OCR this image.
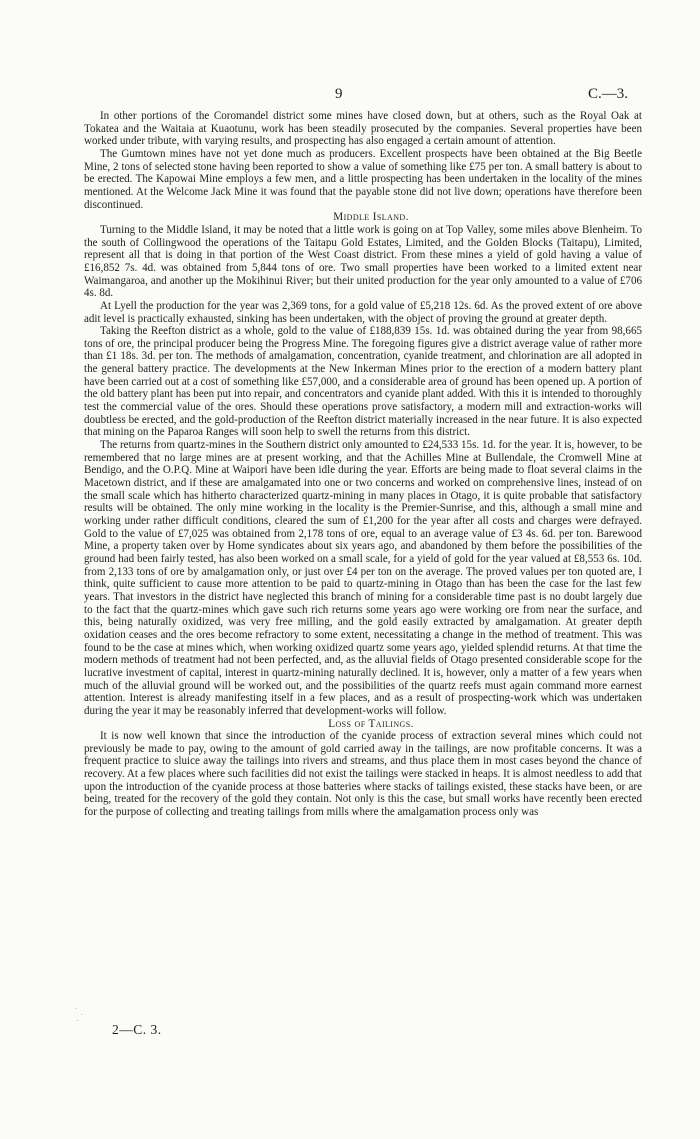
9	C.—3.

In other portions of the Coromandel district some mines have closed down, but at others, such as the Royal Oak at Tokatea and the Waitaia at Kuaotunu, work has been steadily prosecuted by the companies. Several properties have been worked under tribute, with varying results, and prospecting has also engaged a certain amount of attention.

The Gumtown mines have not yet done much as producers. Excellent prospects have been obtained at the Big Beetle Mine, 2 tons of selected stone having been reported to show a value of something like £75 per ton. A small battery is about to be erected. The Kapowai Mine employs a few men, and a little prospecting has been undertaken in the locality of the mines mentioned. At the Welcome Jack Mine it was found that the payable stone did not live down; operations have therefore been discontinued.

Middle Island.

Turning to the Middle Island, it may be noted that a little work is going on at Top Valley, some miles above Blenheim. To the south of Collingwood the operations of the Taitapu Gold Estates, Limited, and the Golden Blocks (Taitapu), Limited, represent all that is doing in that portion of the West Coast district. From these mines a yield of gold having a value of £16,852 7s. 4d. was obtained from 5,844 tons of ore. Two small properties have been worked to a limited extent near Waimangaroa, and another up the Mokihinui River; but their united production for the year only amounted to a value of £706 4s. 8d.

At Lyell the production for the year was 2,369 tons, for a gold value of £5,218 12s. 6d. As the proved extent of ore above adit level is practically exhausted, sinking has been undertaken, with the object of proving the ground at greater depth.

Taking the Reefton district as a whole, gold to the value of £188,839 15s. 1d. was obtained during the year from 98,665 tons of ore, the principal producer being the Progress Mine. The foregoing figures give a district average value of rather more than £1 18s. 3d. per ton. The methods of amalgamation, concentration, cyanide treatment, and chlorination are all adopted in the general battery practice. The developments at the New Inkerman Mines prior to the erection of a modern battery plant have been carried out at a cost of something like £57,000, and a considerable area of ground has been opened up. A portion of the old battery plant has been put into repair, and concentrators and cyanide plant added. With this it is intended to thoroughly test the commercial value of the ores. Should these operations prove satisfactory, a modern mill and extraction-works will doubtless be erected, and the gold-production of the Reefton district materially increased in the near future. It is also expected that mining on the Paparoa Ranges will soon help to swell the returns from this district.

The returns from quartz-mines in the Southern district only amounted to £24,533 15s. 1d. for the year. It is, however, to be remembered that no large mines are at present working, and that the Achilles Mine at Bullendale, the Cromwell Mine at Bendigo, and the O.P.Q. Mine at Waipori have been idle during the year. Efforts are being made to float several claims in the Macetown district, and if these are amalgamated into one or two concerns and worked on comprehensive lines, instead of on the small scale which has hitherto characterized quartz-mining in many places in Otago, it is quite probable that satisfactory results will be obtained. The only mine working in the locality is the Premier-Sunrise, and this, although a small mine and working under rather difficult conditions, cleared the sum of £1,200 for the year after all costs and charges were defrayed. Gold to the value of £7,025 was obtained from 2,178 tons of ore, equal to an average value of £3 4s. 6d. per ton. Barewood Mine, a property taken over by Home syndicates about six years ago, and abandoned by them before the possibilities of the ground had been fairly tested, has also been worked on a small scale, for a yield of gold for the year valued at £8,553 6s. 10d. from 2,133 tons of ore by amalgamation only, or just over £4 per ton on the average. The proved values per ton quoted are, I think, quite sufficient to cause more attention to be paid to quartz-mining in Otago than has been the case for the last few years. That investors in the district have neglected this branch of mining for a considerable time past is no doubt largely due to the fact that the quartz-mines which gave such rich returns some years ago were working ore from near the surface, and this, being naturally oxidized, was very free milling, and the gold easily extracted by amalgamation. At greater depth oxidation ceases and the ores become refractory to some extent, necessitating a change in the method of treatment. This was found to be the case at mines which, when working oxidized quartz some years ago, yielded splendid returns. At that time the modern methods of treatment had not been perfected, and, as the alluvial fields of Otago presented considerable scope for the lucrative investment of capital, interest in quartz-mining naturally declined. It is, however, only a matter of a few years when much of the alluvial ground will be worked out, and the possibilities of the quartz reefs must again command more earnest attention. Interest is already manifesting itself in a few places, and as a result of prospecting-work which was undertaken during the year it may be reasonably inferred that development-works will follow.

Loss of Tailings.

It is now well known that since the introduction of the cyanide process of extraction several mines which could not previously be made to pay, owing to the amount of gold carried away in the tailings, are now profitable concerns. It was a frequent practice to sluice away the tailings into rivers and streams, and thus place them in most cases beyond the chance of recovery. At a few places where such facilities did not exist the tailings were stacked in heaps. It is almost needless to add that upon the introduction of the cyanide process at those batteries where stacks of tailings existed, these stacks have been, or are being, treated for the recovery of the gold they contain. Not only is this the case, but small works have recently been erected for the purpose of collecting and treating tailings from mills where the amalgamation process only was

2—C. 3.
·
·
·
